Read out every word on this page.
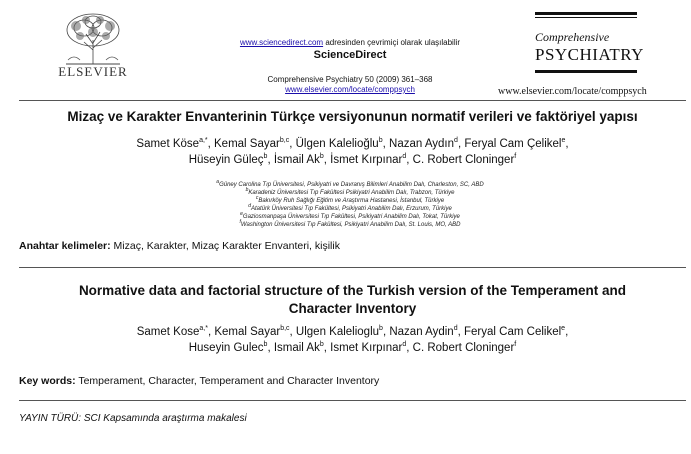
ELSEVIER
www.sciencedirect.com adresinden çevrimiçi olarak ulaşılabilir
ScienceDirect
Comprehensive Psychiatry 50 (2009) 361–368
www.elsevier.com/locate/comppsych
Comprehensive
PSYCHIATRY
www.elsevier.com/locate/comppsych
Mizaç ve Karakter Envanterinin Türkçe versiyonunun normatif verileri ve faktöriyel yapısı
Samet Köse$^{a,*}$, Kemal Sayar$^{b,c}$, Ülgen Kalelioğlu$^b$, Nazan Aydın$^d$, Feryal Cam Çelikel$^e$,
Hüseyin Güleç$^b$, İsmail Ak$^b$, İsmet Kırpınar$^d$, C. Robert Cloninger$^f$
$^a$Güney Carolina Tıp Üniversitesi, Psikiyatri ve Davranış Bilimleri Anabilim Dalı, Charleston, SC, ABD
$^b$Karadeniz Üniversitesi Tıp Fakültesi Psikiyatri Anabilim Dalı, Trabzon, Türkiye
$^c$Bakırköy Ruh Sağlığı Eğitim ve Araştırma Hastanesi, İstanbul, Türkiye
$^d$Atatürk Üniversitesi Tıp Fakültesi, Psikiyatri Anabilim Dalı, Erzurum, Türkiye
$^e$Gaziosmanpaşa Üniversitesi Tıp Fakültesi, Psikiyatri Anabilim Dalı, Tokat, Türkiye
$^f$Washington Üniversitesi Tıp Fakültesi, Psikiyatri Anabilim Dalı, St. Louis, MO, ABD
Anahtar kelimeler: Mizaç, Karakter, Mizaç Karakter Envanteri, kişilik
Normative data and factorial structure of the Turkish version of the Temperament and
Character Inventory
Samet Kose$^{a,*}$, Kemal Sayar$^{b,c}$, Ulgen Kalelioglu$^b$, Nazan Aydin$^d$, Feryal Cam Celikel$^e$,
Huseyin Gulec$^b$, Ismail Ak$^b$, Ismet Kırpınar$^d$, C. Robert Cloninger$^f$
Key words: Temperament, Character, Temperament and Character Inventory
YAYIN TÜRÜ: SCI Kapsamında araştırma makalesi
